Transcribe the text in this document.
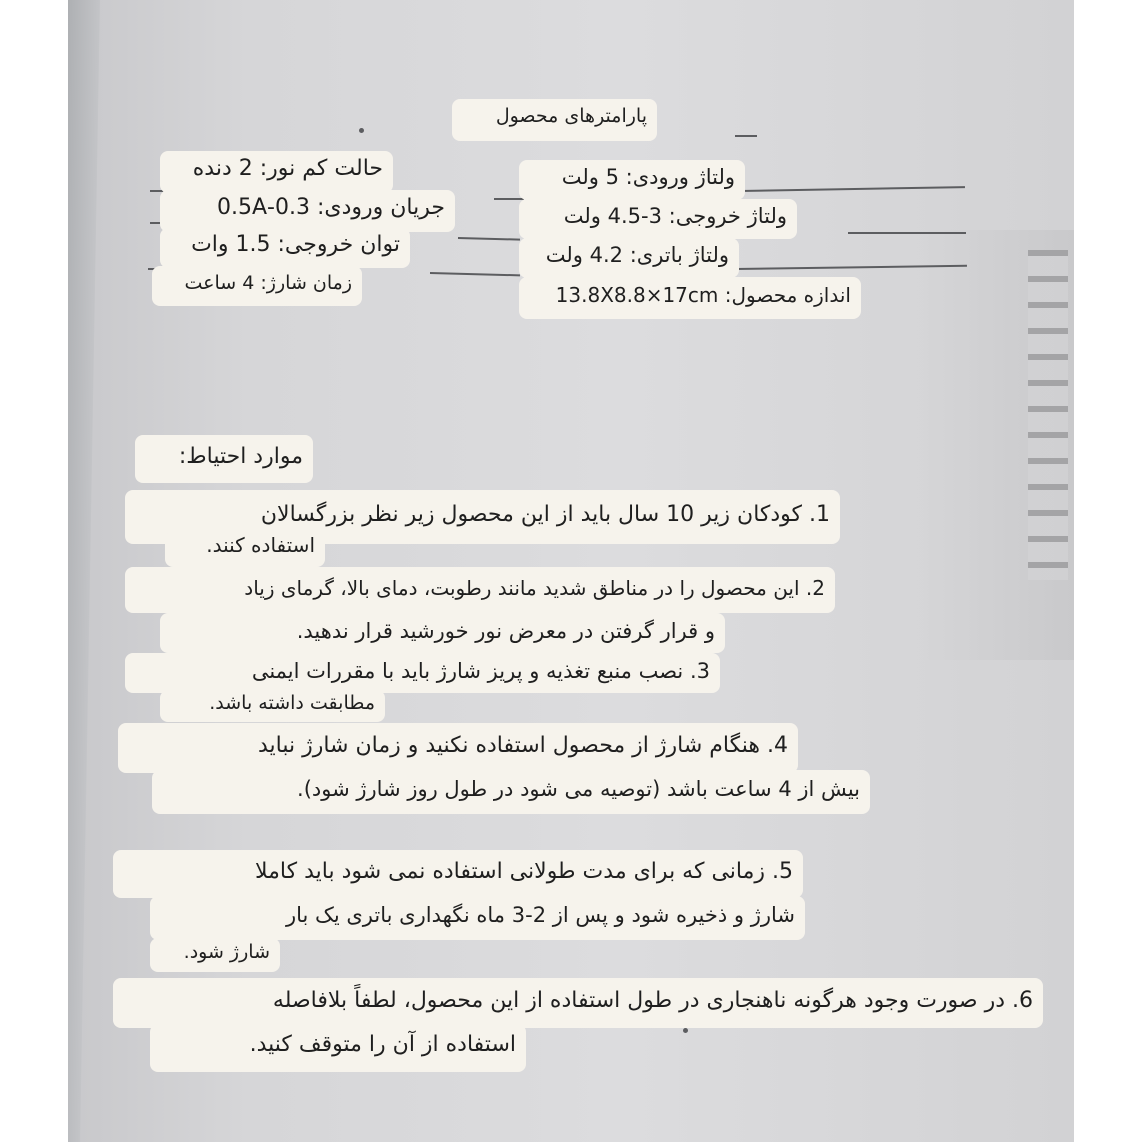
پارامترهای محصول
حالت کم نور: 2 دنده
جریان ورودی: 0.3-0.5A
توان خروجی: 1.5 وات
زمان شارژ: 4 ساعت
ولتاژ ورودی: 5 ولت
ولتاژ خروجی: 3-4.5 ولت
ولتاژ باتری: 4.2 ولت
اندازه محصول: 13.8X8.8×17cm
موارد احتیاط:
1. کودکان زیر 10 سال باید از این محصول زیر نظر بزرگسالان
استفاده کنند.
2. این محصول را در مناطق شدید مانند رطوبت، دمای بالا، گرمای زیاد
و قرار گرفتن در معرض نور خورشید قرار ندهید.
3. نصب منبع تغذیه و پریز شارژ باید با مقررات ایمنی
مطابقت داشته باشد.
4. هنگام شارژ از محصول استفاده نکنید و زمان شارژ نباید
بیش از 4 ساعت باشد (توصیه می شود در طول روز شارژ شود).
5. زمانی که برای مدت طولانی استفاده نمی شود باید کاملا
شارژ و ذخیره شود و پس از 2-3 ماه نگهداری باتری یک بار
شارژ شود.
6. در صورت وجود هرگونه ناهنجاری در طول استفاده از این محصول، لطفاً بلافاصله
استفاده از آن را متوقف کنید.
